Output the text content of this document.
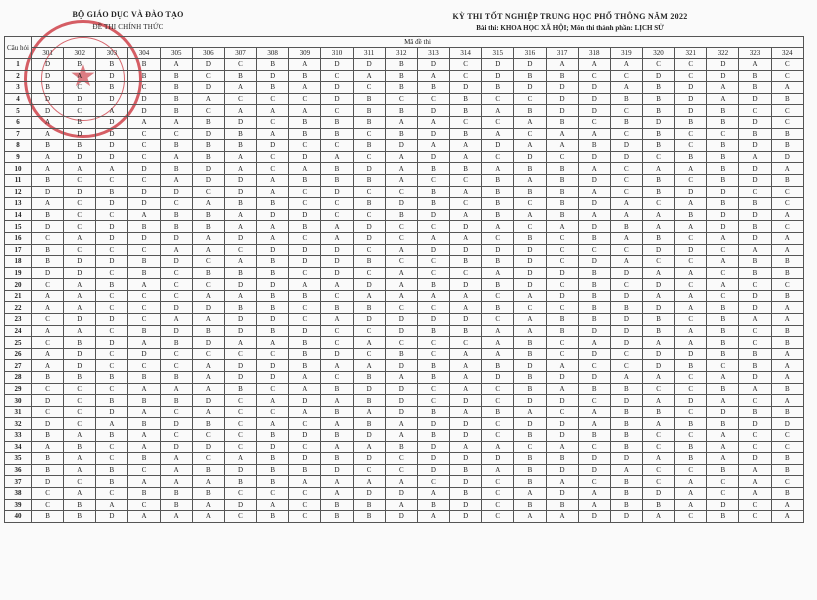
★
BỘ GIÁO DỤC VÀ ĐÀO TẠO
ĐỀ THI CHÍNH THỨC
KỲ THI TỐT NGHIỆP TRUNG HỌC PHỔ THÔNG NĂM 2022
Bài thi: KHOA HỌC XÃ HỘI; Môn thi thành phần: LỊCH SỬ
Câu hỏi	Mã đề thi																							
	301	302	303	304	305	306	307	308	309	310	311	312	313	314	315	316	317	318	319	320	321	322	323	324
1	D	B	B	B	A	D	C	B	A	D	D	B	D	C	D	D	A	A	A	C	C	D	A	C
2	D	A	D	B	B	C	B	D	B	C	A	B	A	C	D	B	B	C	C	D	C	D	B	C
3	B	C	B	C	B	D	A	B	A	D	C	B	B	D	B	D	D	D	A	B	D	A	B	A
4	D	D	D	D	B	A	C	C	C	D	B	C	C	B	C	C	D	D	B	B	D	A	D	B
5	D	C	A	D	B	C	A	A	A	C	B	B	D	B	A	B	D	D	C	B	D	B	C	C
6	A	B	D	A	A	B	D	C	B	B	B	A	A	C	C	A	B	C	B	D	B	B	D	C
7	A	D	D	C	C	D	B	A	B	B	C	B	D	B	A	C	A	A	C	B	C	C	B	B
8	B	B	D	C	B	B	B	D	C	C	B	D	A	A	D	A	A	B	D	B	C	B	D	B
9	A	D	D	C	A	B	A	C	D	A	C	A	D	A	C	D	C	D	D	C	B	B	A	D
10	A	A	A	D	B	D	A	C	A	B	D	A	B	B	A	B	B	A	C	A	A	B	D	A
11	B	C	C	C	A	D	D	A	B	B	B	A	C	C	B	A	B	D	C	B	C	B	D	B
12	D	D	B	D	D	C	D	A	C	D	C	C	B	A	B	B	B	A	C	B	D	D	C	C
13	A	C	D	D	C	A	B	B	C	C	B	D	B	C	B	C	B	D	A	C	A	B	B	C
14	B	C	C	A	B	B	A	D	D	C	C	B	D	A	B	A	B	A	A	A	B	D	D	A
15	D	C	D	B	B	B	A	A	B	A	D	C	C	D	A	C	A	D	B	A	A	D	B	C
16	C	A	D	D	D	A	D	A	C	A	D	C	A	A	C	B	C	B	A	B	C	A	D	A
17	B	C	C	C	A	A	C	D	D	D	C	A	D	D	D	D	C	C	C	D	D	C	A	A
18	B	D	D	B	D	C	A	B	D	D	B	C	C	B	B	D	C	D	A	C	C	A	B	B
19	D	D	C	B	C	B	B	B	C	D	C	A	C	C	A	D	D	B	D	A	A	C	B	B
20	C	A	B	A	C	C	D	D	A	A	D	A	B	D	B	D	C	B	C	D	C	A	C	C
21	A	A	C	C	C	A	A	B	B	C	A	A	A	A	C	A	D	B	D	A	A	C	D	B
22	A	A	C	C	D	D	B	B	C	B	B	C	C	A	B	C	C	B	B	D	A	B	D	A
23	C	D	D	C	A	A	D	D	C	A	D	D	D	D	C	A	B	B	D	B	C	B	A	A
24	A	A	C	B	D	B	D	B	D	C	C	D	B	B	A	A	B	D	D	B	A	B	C	B
25	C	B	D	A	B	D	A	A	B	C	A	C	C	C	A	B	C	A	D	A	A	B	C	B
26	A	D	C	D	C	C	C	C	B	D	C	B	C	A	A	B	C	D	C	D	D	B	B	A
27	A	D	C	C	C	A	D	D	B	A	A	D	B	A	B	D	A	C	C	D	B	C	B	A
28	B	B	B	B	B	A	D	D	A	C	B	A	B	A	D	B	D	D	A	A	C	A	D	A
29	C	C	C	A	A	A	B	C	A	B	D	D	C	A	C	B	A	B	B	C	C	B	A	B
30	D	C	B	B	B	D	C	A	D	A	B	D	C	D	C	D	D	C	D	A	D	A	C	A
31	C	C	D	A	C	A	C	C	A	B	A	D	B	A	B	A	C	A	B	B	C	D	B	B
32	D	C	A	B	D	B	C	A	C	A	B	A	D	D	C	D	D	A	B	A	B	B	D	D
33	B	A	B	A	C	C	C	B	D	B	D	A	B	D	C	B	D	B	B	C	C	A	C	C
34	A	B	C	A	D	D	C	D	C	A	A	B	D	A	A	C	A	C	B	C	B	A	C	C
35	B	A	C	B	A	C	A	B	D	B	D	C	D	D	D	B	B	D	D	A	B	A	D	B
36	B	A	B	C	A	B	D	B	B	D	C	C	D	B	A	B	D	D	A	C	C	B	A	B
37	D	C	B	A	A	A	B	B	A	A	A	A	C	D	C	B	A	C	B	C	A	C	A	C
38	C	A	C	B	B	B	C	C	C	A	D	D	A	B	C	A	D	A	B	D	A	C	A	B
39	C	B	A	C	B	A	D	A	C	B	B	A	B	D	C	B	B	A	B	B	A	D	C	A
40	B	B	D	A	A	A	C	B	C	B	B	D	A	D	C	A	A	D	D	A	C	B	C	A
